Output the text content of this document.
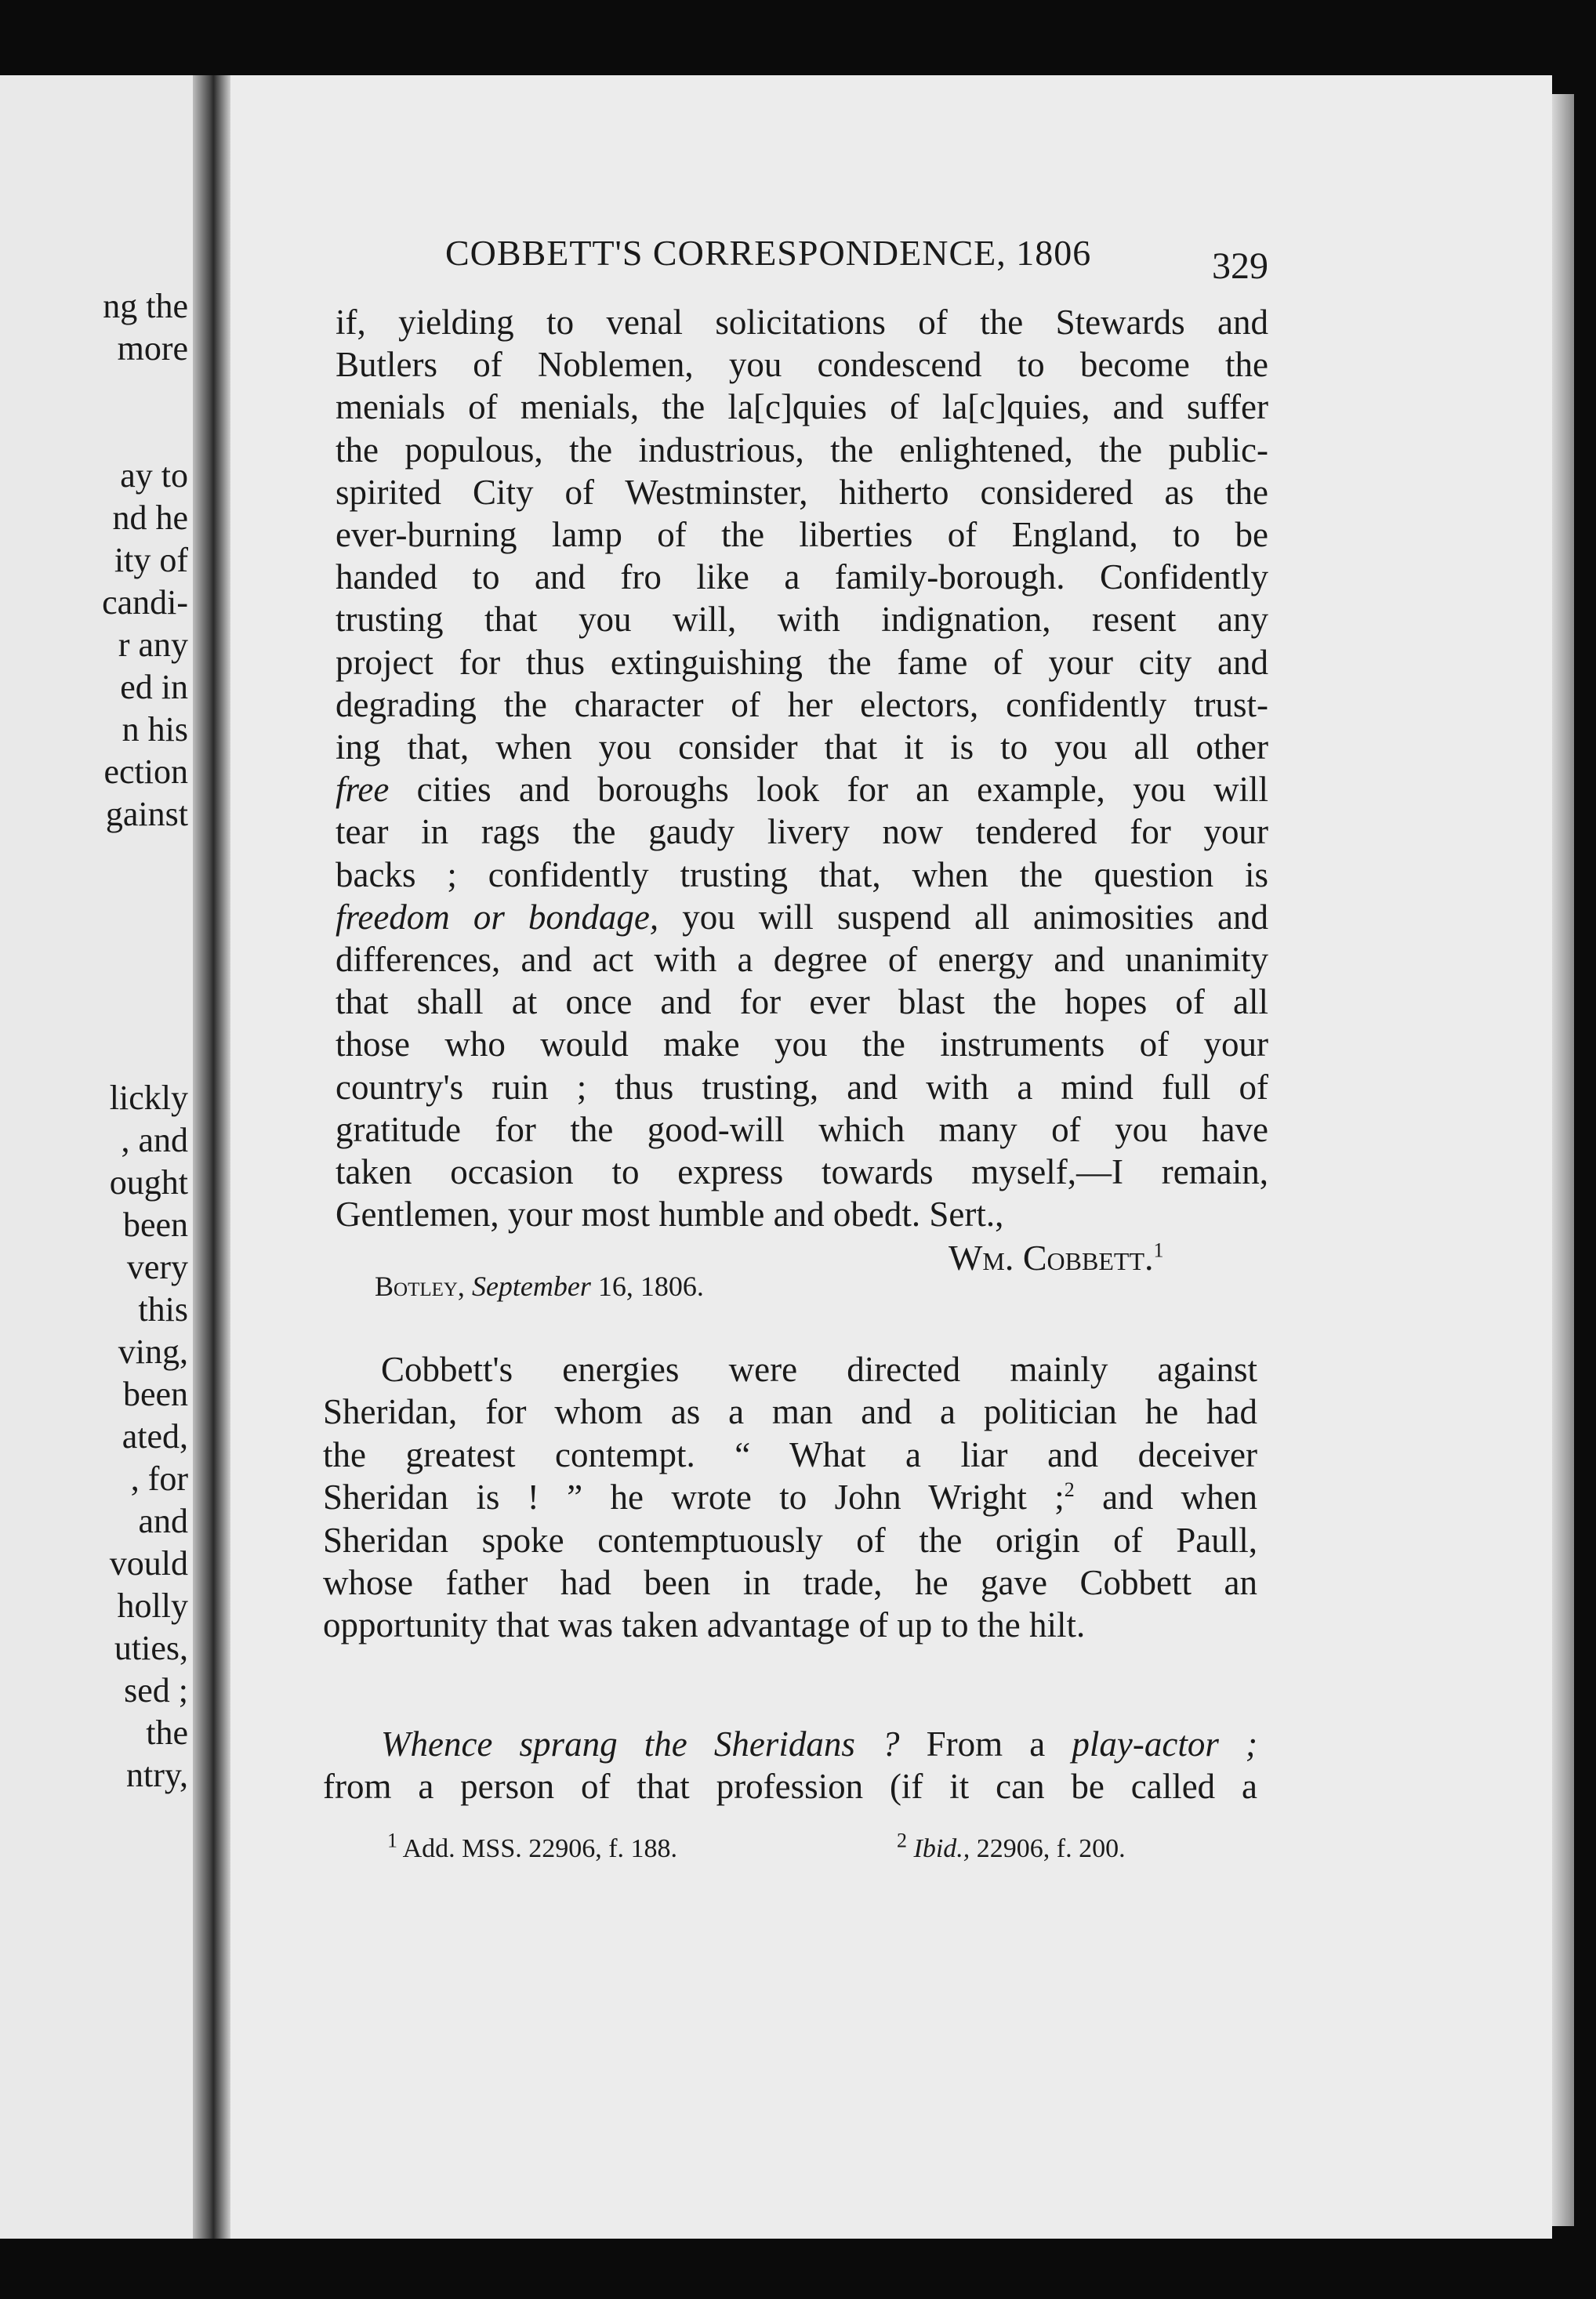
ng the
more
ay to
nd he
ity of
candi-
r any
ed in
n his
ection
gainst
lickly
, and
ought
been
very
this
ving,
been
ated,
, for
and
vould
holly
uties,
sed ;
the
ntry,
COBBETT'S CORRESPONDENCE, 1806	329
if, yielding to venal solicitations of the Stewards and
Butlers of Noblemen, you condescend to become the
menials of menials, the la[c]quies of la[c]quies, and suffer
the populous, the industrious, the enlightened, the public-
spirited City of Westminster, hitherto considered as the
ever-burning lamp of the liberties of England, to be
handed to and fro like a family-borough. Confidently
trusting that you will, with indignation, resent any
project for thus extinguishing the fame of your city and
degrading the character of her electors, confidently trust-
ing that, when you consider that it is to you all other
free cities and boroughs look for an example, you will
tear in rags the gaudy livery now tendered for your
backs ; confidently trusting that, when the question is
freedom or bondage, you will suspend all animosities and
differences, and act with a degree of energy and unanimity
that shall at once and for ever blast the hopes of all
those who would make you the instruments of your
country's ruin ; thus trusting, and with a mind full of
gratitude for the good-will which many of you have
taken occasion to express towards myself,—I remain,
Gentlemen, your most humble and obedt. Sert.,
Wm. Cobbett.$^1$
Botley, September 16, 1806.
Cobbett's energies were directed mainly against
Sheridan, for whom as a man and a politician he had
the greatest contempt. “ What a liar and deceiver
Sheridan is ! ” he wrote to John Wright ;$^2$ and when
Sheridan spoke contemptuously of the origin of Paull,
whose father had been in trade, he gave Cobbett an
opportunity that was taken advantage of up to the hilt.
Whence sprang the Sheridans ? From a play-actor ;
from a person of that profession (if it can be called a
$^1$ Add. MSS. 22906, f. 188.	$^2$ Ibid., 22906, f. 200.
